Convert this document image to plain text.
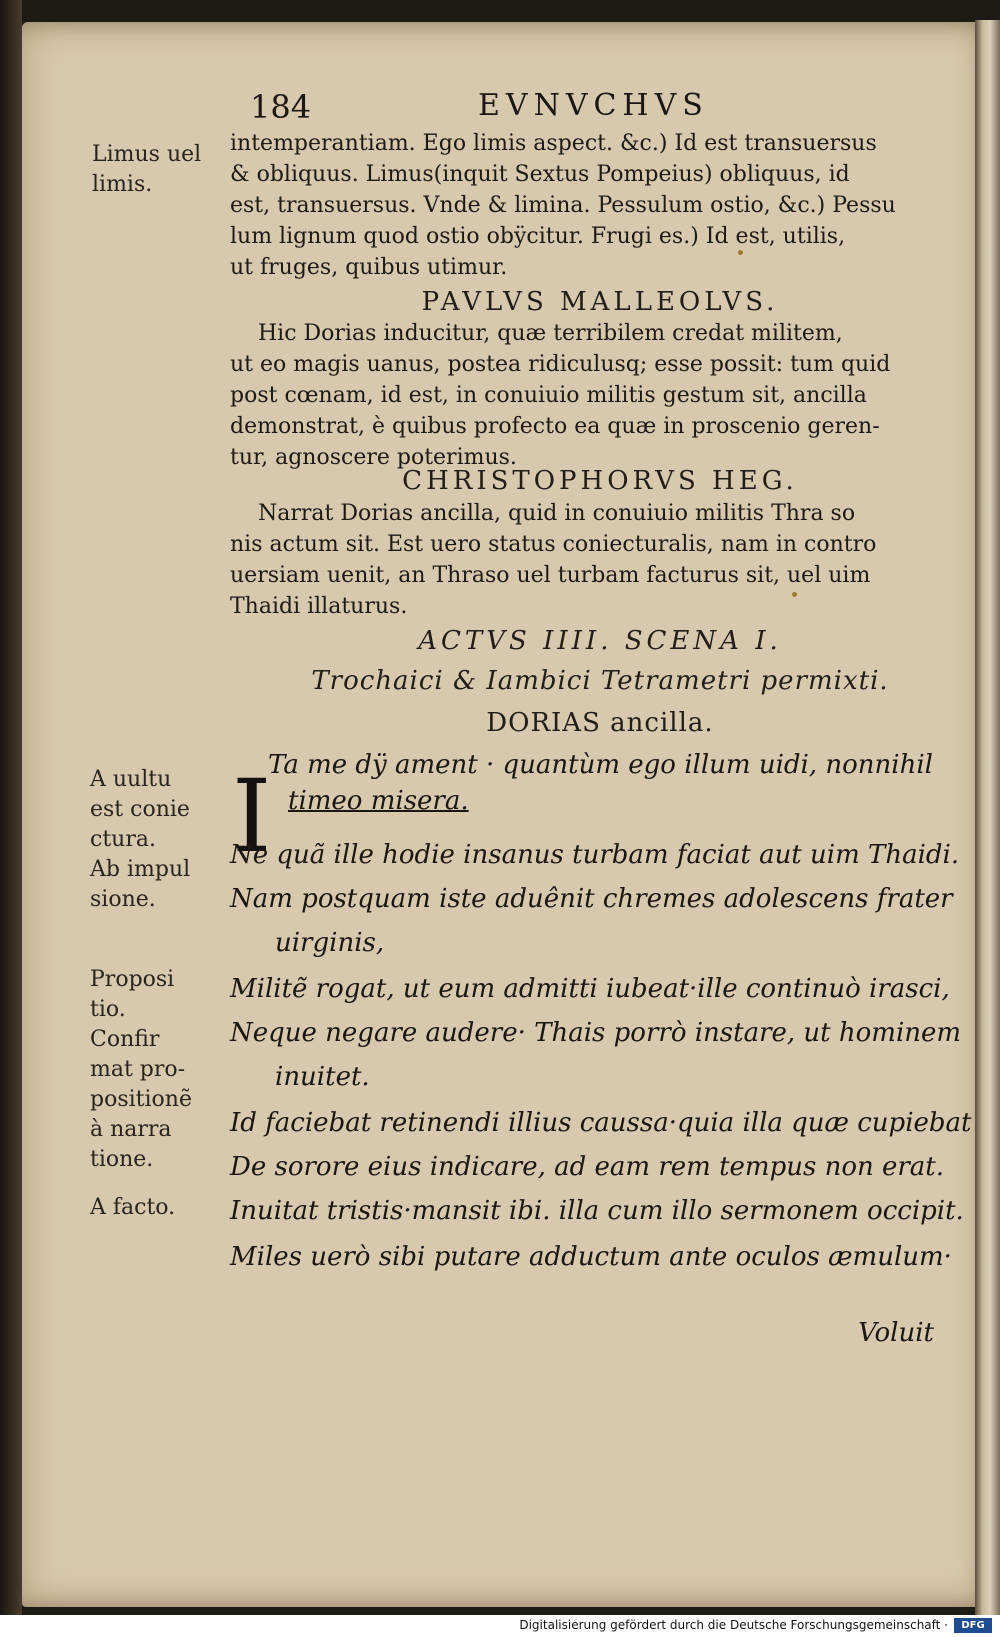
184	EVNVCHVS
Limus uel
limis.

intemperantiam. Ego limis aspect. &c.) Id est transuersus

& obliquus. Limus(inquit Sextus Pompeius) obliquus, id

est, transuersus. Vnde & limina. Pessulum ostio, &c.) Pessu

lum lignum quod ostio obÿcitur. Frugi es.) Id est, utilis,

ut fruges, quibus utimur.

PAVLVS MALLEOLVS.

Hic Dorias inducitur, quæ terribilem credat militem,

ut eo magis uanus, postea ridiculusq; esse possit: tum quid

post cœnam, id est, in conuiuio militis gestum sit, ancilla

demonstrat, è quibus profecto ea quæ in proscenio geren-

tur, agnoscere poterimus.

CHRISTOPHORVS HEG.

Narrat Dorias ancilla, quid in conuiuio militis Thra so

nis actum sit. Est uero status coniecturalis, nam in contro

uersiam uenit, an Thraso uel turbam facturus sit, uel uim

Thaidi illaturus.

ACTVS IIII. SCENA I.
Trochaici & Iambici Tetrametri permixti.
DORIAS ancilla.
A uultu
est conie
ctura.
Ab impul
sione.
Proposi
tio.
Confir
mat pro-
positionẽ
à narra
tione.
A facto.
I
Ta me dÿ ament · quantùm ego illum uidi, nonnihil
timeo misera.
Ne quã ille hodie insanus turbam faciat aut uim Thaidi.
Nam postquam iste aduênit chremes adolescens frater
uirginis,
Militẽ rogat, ut eum admitti iubeat·ille continuò irasci,
Neque negare audere· Thais porrò instare, ut hominem
inuitet.
Id faciebat retinendi illius caussa·quia illa quæ cupiebat
De sorore eius indicare, ad eam rem tempus non erat.
Inuitat tristis·mansit ibi. illa cum illo sermonem occipit.
Miles uerò sibi putare adductum ante oculos æmulum·
Voluit
Digitalisierung gefördert durch die Deutsche Forschungsgemeinschaft ·	DFG
